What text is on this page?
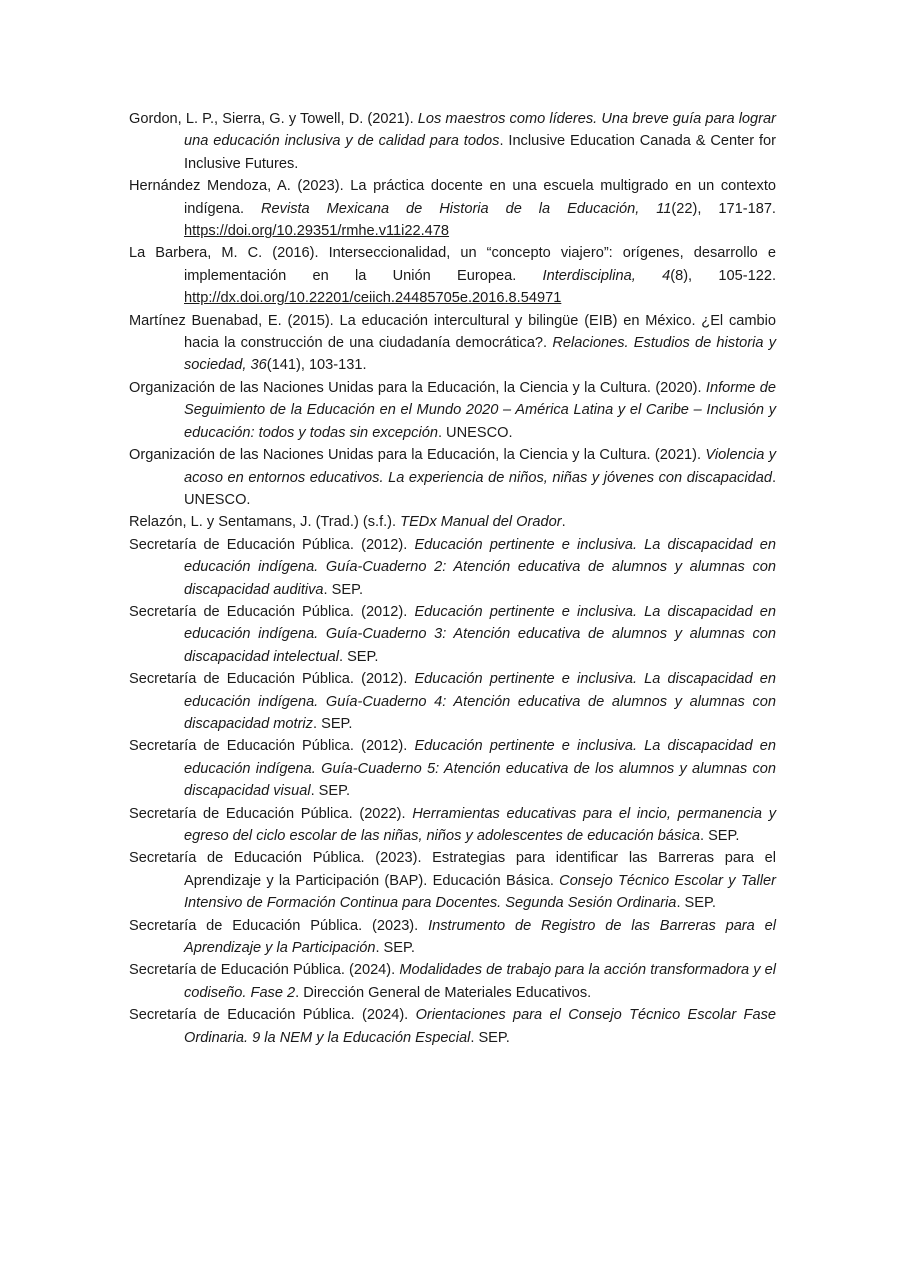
Gordon, L. P., Sierra, G. y Towell, D. (2021). Los maestros como líderes. Una breve guía para lograr una educación inclusiva y de calidad para todos. Inclusive Education Canada & Center for Inclusive Futures.

Hernández Mendoza, A. (2023). La práctica docente en una escuela multigrado en un contexto indígena. Revista Mexicana de Historia de la Educación, 11(22), 171-187. https://doi.org/10.29351/rmhe.v11i22.478

La Barbera, M. C. (2016). Interseccionalidad, un “concepto viajero”: orígenes, desarrollo e implementación en la Unión Europea. Interdisciplina, 4(8), 105-122. http://dx.doi.org/10.22201/ceiich.24485705e.2016.8.54971

Martínez Buenabad, E. (2015). La educación intercultural y bilingüe (EIB) en México. ¿El cambio hacia la construcción de una ciudadanía democrática?. Relaciones. Estudios de historia y sociedad, 36(141), 103-131.

Organización de las Naciones Unidas para la Educación, la Ciencia y la Cultura. (2020). Informe de Seguimiento de la Educación en el Mundo 2020 – América Latina y el Caribe – Inclusión y educación: todos y todas sin excepción. UNESCO.

Organización de las Naciones Unidas para la Educación, la Ciencia y la Cultura. (2021). Violencia y acoso en entornos educativos. La experiencia de niños, niñas y jóvenes con discapacidad. UNESCO.

Relazón, L. y Sentamans, J. (Trad.) (s.f.). TEDx Manual del Orador.

Secretaría de Educación Pública. (2012). Educación pertinente e inclusiva. La discapacidad en educación indígena. Guía-Cuaderno 2: Atención educativa de alumnos y alumnas con discapacidad auditiva. SEP.

Secretaría de Educación Pública. (2012). Educación pertinente e inclusiva. La discapacidad en educación indígena. Guía-Cuaderno 3: Atención educativa de alumnos y alumnas con discapacidad intelectual. SEP.

Secretaría de Educación Pública. (2012). Educación pertinente e inclusiva. La discapacidad en educación indígena. Guía-Cuaderno 4: Atención educativa de alumnos y alumnas con discapacidad motriz. SEP.

Secretaría de Educación Pública. (2012). Educación pertinente e inclusiva. La discapacidad en educación indígena. Guía-Cuaderno 5: Atención educativa de los alumnos y alumnas con discapacidad visual. SEP.

Secretaría de Educación Pública. (2022). Herramientas educativas para el incio, permanencia y egreso del ciclo escolar de las niñas, niños y adolescentes de educación básica. SEP.

Secretaría de Educación Pública. (2023). Estrategias para identificar las Barreras para el Aprendizaje y la Participación (BAP). Educación Básica. Consejo Técnico Escolar y Taller Intensivo de Formación Continua para Docentes. Segunda Sesión Ordinaria. SEP.

Secretaría de Educación Pública. (2023). Instrumento de Registro de las Barreras para el Aprendizaje y la Participación. SEP.

Secretaría de Educación Pública. (2024). Modalidades de trabajo para la acción transformadora y el codiseño. Fase 2. Dirección General de Materiales Educativos.

Secretaría de Educación Pública. (2024). Orientaciones para el Consejo Técnico Escolar Fase Ordinaria. 9 la NEM y la Educación Especial. SEP.
